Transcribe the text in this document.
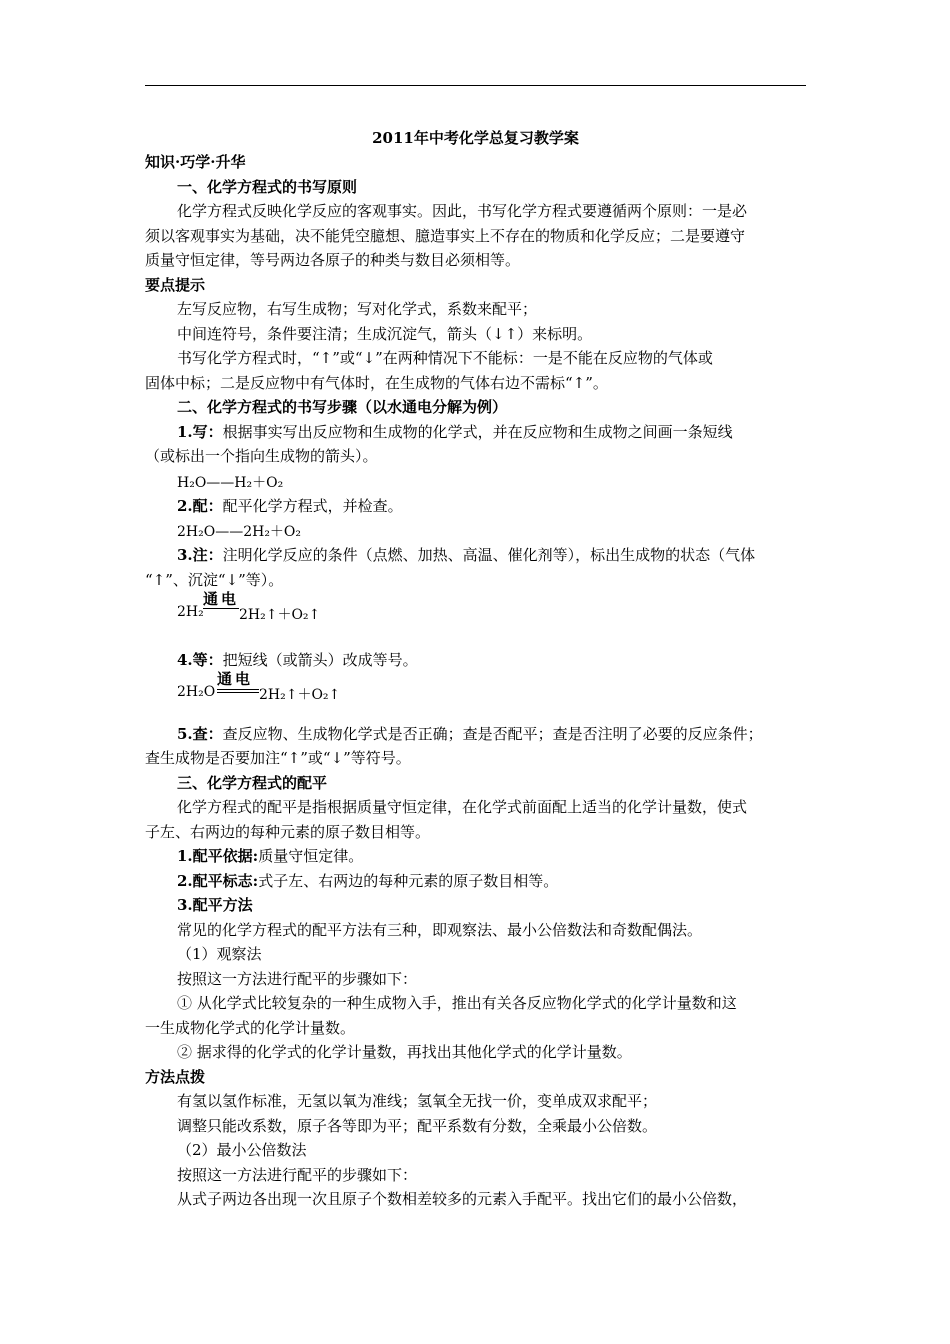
2011年中考化学总复习教学案
知识·巧学·升华
一、化学方程式的书写原则
化学方程式反映化学反应的客观事实。因此，书写化学方程式要遵循两个原则：一是必
须以客观事实为基础，决不能凭空臆想、臆造事实上不存在的物质和化学反应；二是要遵守
质量守恒定律，等号两边各原子的种类与数目必须相等。
要点提示
左写反应物，右写生成物；写对化学式，系数来配平；
中间连符号，条件要注清；生成沉淀气，箭头（↓↑）来标明。
书写化学方程式时，“↑”或“↓”在两种情况下不能标：一是不能在反应物的气体或
固体中标；二是反应物中有气体时，在生成物的气体右边不需标“↑”。
二、化学方程式的书写步骤（以水通电分解为例）
1.写：根据事实写出反应物和生成物的化学式，并在反应物和生成物之间画一条短线
（或标出一个指向生成物的箭头）。
H₂O——H₂＋O₂
2.配：配平化学方程式，并检查。
2H₂O——2H₂＋O₂
3.注：注明化学反应的条件（点燃、加热、高温、催化剂等），标出生成物的状态（气体
“↑”、沉淀“↓”等）。
2H₂
通电
2H₂↑＋O₂↑
4.等：把短线（或箭头）改成等号。
2H₂O
通电
2H₂↑＋O₂↑
5.查：查反应物、生成物化学式是否正确；查是否配平；查是否注明了必要的反应条件；
查生成物是否要加注“↑”或“↓”等符号。
三、化学方程式的配平
化学方程式的配平是指根据质量守恒定律，在化学式前面配上适当的化学计量数，使式
子左、右两边的每种元素的原子数目相等。
1.配平依据:质量守恒定律。
2.配平标志:式子左、右两边的每种元素的原子数目相等。
3.配平方法
常见的化学方程式的配平方法有三种，即观察法、最小公倍数法和奇数配偶法。
（1）观察法
按照这一方法进行配平的步骤如下：
① 从化学式比较复杂的一种生成物入手，推出有关各反应物化学式的化学计量数和这
一生成物化学式的化学计量数。
② 据求得的化学式的化学计量数，再找出其他化学式的化学计量数。
方法点拨
有氢以氢作标准，无氢以氧为准线；氢氧全无找一价，变单成双求配平；
调整只能改系数，原子各等即为平；配平系数有分数，全乘最小公倍数。
（2）最小公倍数法
按照这一方法进行配平的步骤如下：
从式子两边各出现一次且原子个数相差较多的元素入手配平。找出它们的最小公倍数，
